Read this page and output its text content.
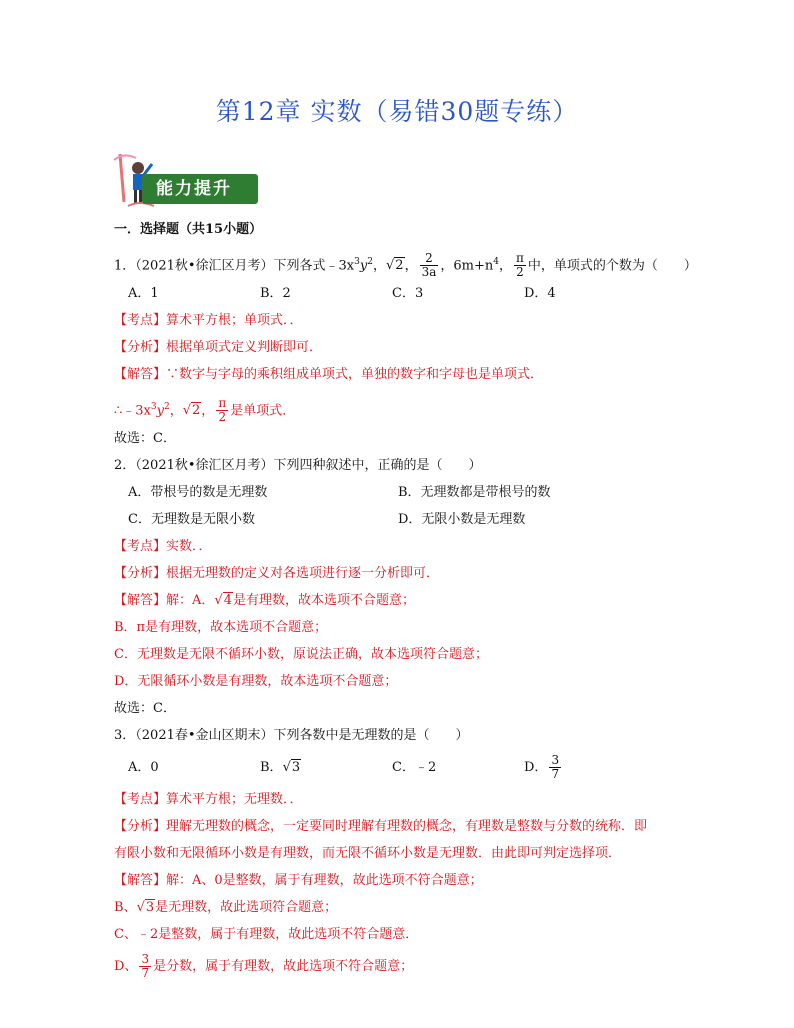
第12章 实数（易错30题专练）
能力提升
一．选择题（共15小题）
1．（2021秋•徐汇区月考）下列各式$﹣3x^3y^2$，√2， $\frac{2}{3a}$ ，$6m+n^4$， $\frac{\pi}{2}$ 中，单项式的个数为（　　）
A．1	B．2	C．3	D．4
【考点】算术平方根；单项式．．
【分析】根据单项式定义判断即可．
【解答】∵数字与字母的乘积组成单项式，单独的数字和字母也是单项式．
$\therefore﹣3x^3y^2$，√2， $\frac{\pi}{2}$ 是单项式．
故选：C．
2．（2021秋•徐汇区月考）下列四种叙述中，正确的是（　　）
A．带根号的数是无理数	B．无理数都是带根号的数
C．无理数是无限小数	D．无限小数是无理数
【考点】实数．．
【分析】根据无理数的定义对各选项进行逐一分析即可．
【解答】解：A．√4是有理数，故本选项不合题意；
B．π是有理数，故本选项不合题意；
C．无理数是无限不循环小数，原说法正确，故本选项符合题意；
D．无限循环小数是有理数，故本选项不合题意；
故选：C．
3．（2021春•金山区期末）下列各数中是无理数的是（　　）
A．0	B．√3	C．﹣2	D． $\frac{3}{7}$
【考点】算术平方根；无理数．．
【分析】理解无理数的概念，一定要同时理解有理数的概念，有理数是整数与分数的统称．即
有限小数和无限循环小数是有理数，而无限不循环小数是无理数．由此即可判定选择项．
【解答】解：A、0是整数，属于有理数，故此选项不符合题意；
B、√3是无理数，故此选项符合题意；
C、﹣2是整数，属于有理数，故此选项不符合题意．
D、 $\frac{3}{7}$ 是分数，属于有理数，故此选项不符合题意；
